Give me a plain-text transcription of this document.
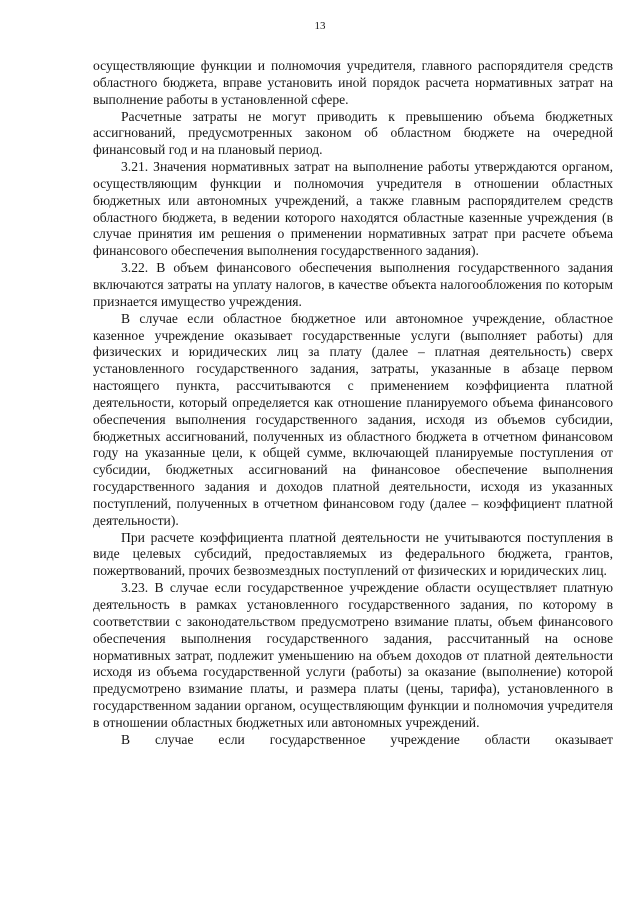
13

осуществляющие функции и полномочия учредителя, главного распорядителя средств областного бюджета, вправе установить иной порядок расчета нормативных затрат на выполнение работы в установленной сфере.

Расчетные затраты не могут приводить к превышению объема бюджетных ассигнований, предусмотренных законом об областном бюджете на очередной финансовый год и на плановый период.

3.21. Значения нормативных затрат на выполнение работы утверждаются органом, осуществляющим функции и полномочия учредителя в отношении областных бюджетных или автономных учреждений, а также главным распорядителем средств областного бюджета, в ведении которого находятся областные казенные учреждения (в случае принятия им решения о применении нормативных затрат при расчете объема финансового обеспечения выполнения государственного задания).

3.22. В объем финансового обеспечения выполнения государственного задания включаются затраты на уплату налогов, в качестве объекта налогообложения по которым признается имущество учреждения.

В случае если областное бюджетное или автономное учреждение, областное казенное учреждение оказывает государственные услуги (выполняет работы) для физических и юридических лиц за плату (далее – платная деятельность) сверх установленного государственного задания, затраты, указанные в абзаце первом настоящего пункта, рассчитываются с применением коэффициента платной деятельности, который определяется как отношение планируемого объема финансового обеспечения выполнения государственного задания, исходя из объемов субсидии, бюджетных ассигнований, полученных из областного бюджета в отчетном финансовом году на указанные цели, к общей сумме, включающей планируемые поступления от субсидии, бюджетных ассигнований на финансовое обеспечение выполнения государственного задания и доходов платной деятельности, исходя из указанных поступлений, полученных в отчетном финансовом году (далее – коэффициент платной деятельности).

При расчете коэффициента платной деятельности не учитываются поступления в виде целевых субсидий, предоставляемых из федерального бюджета, грантов, пожертвований, прочих безвозмездных поступлений от физических и юридических лиц.

3.23. В случае если государственное учреждение области осуществляет платную деятельность в рамках установленного государственного задания, по которому в соответствии с законодательством предусмотрено взимание платы, объем финансового обеспечения выполнения государственного задания, рассчитанный на основе нормативных затрат, подлежит уменьшению на объем доходов от платной деятельности исходя из объема государственной услуги (работы) за оказание (выполнение) которой предусмотрено взимание платы, и размера платы (цены, тарифа), установленного в государственном задании органом, осуществляющим функции и полномочия учредителя в отношении областных бюджетных или автономных учреждений.

В случае если государственное учреждение области оказывает
